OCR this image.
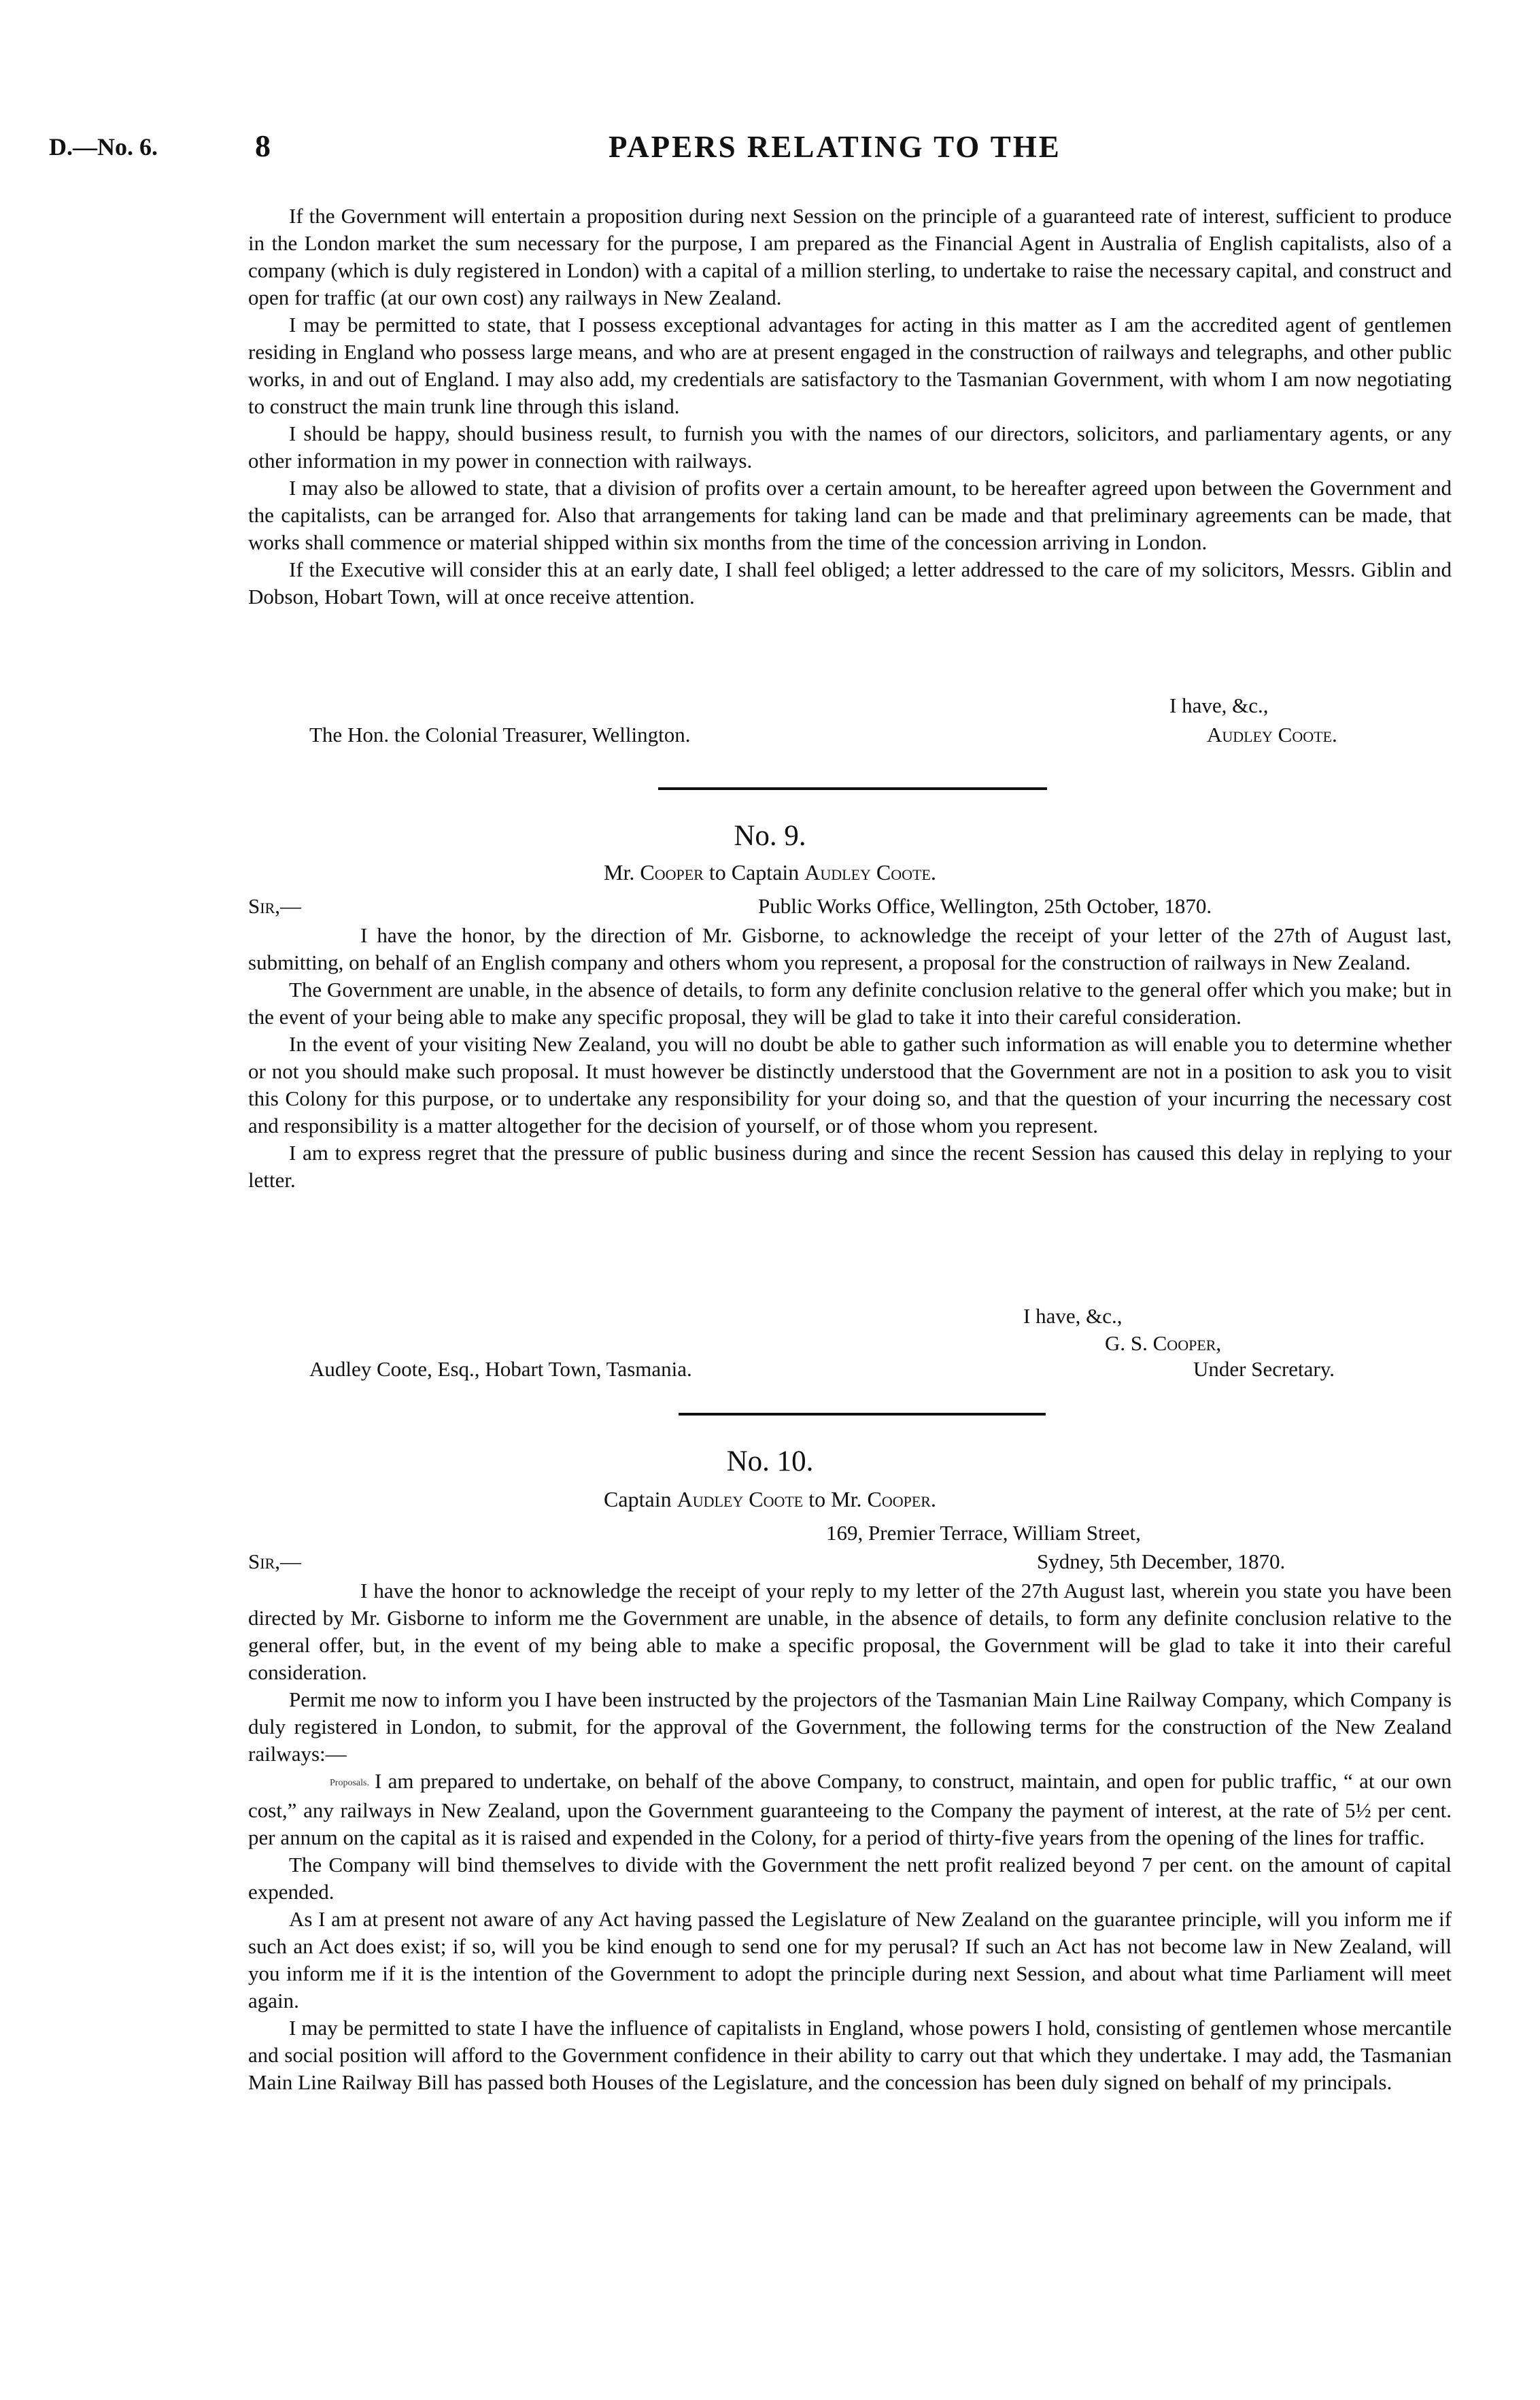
D.—No. 6.	8	PAPERS RELATING TO THE

If the Government will entertain a proposition during next Session on the principle of a guaranteed rate of interest, sufficient to produce in the London market the sum necessary for the purpose, I am prepared as the Financial Agent in Australia of English capitalists, also of a company (which is duly registered in London) with a capital of a million sterling, to undertake to raise the necessary capital, and construct and open for traffic (at our own cost) any railways in New Zealand.

I may be permitted to state, that I possess exceptional advantages for acting in this matter as I am the accredited agent of gentlemen residing in England who possess large means, and who are at present engaged in the construction of railways and telegraphs, and other public works, in and out of England. I may also add, my credentials are satisfactory to the Tasmanian Government, with whom I am now negotiating to construct the main trunk line through this island.

I should be happy, should business result, to furnish you with the names of our directors, solicitors, and parliamentary agents, or any other information in my power in connection with railways.

I may also be allowed to state, that a division of profits over a certain amount, to be hereafter agreed upon between the Government and the capitalists, can be arranged for. Also that arrangements for taking land can be made and that preliminary agreements can be made, that works shall commence or material shipped within six months from the time of the concession arriving in London.

If the Executive will consider this at an early date, I shall feel obliged; a letter addressed to the care of my solicitors, Messrs. Giblin and Dobson, Hobart Town, will at once receive attention.

I have, &c.,
The Hon. the Colonial Treasurer, Wellington.	Audley Coote.
No. 9.
Mr. Cooper to Captain Audley Coote.
Sir,—	Public Works Office, Wellington, 25th October, 1870.

I have the honor, by the direction of Mr. Gisborne, to acknowledge the receipt of your letter of the 27th of August last, submitting, on behalf of an English company and others whom you represent, a proposal for the construction of railways in New Zealand.

The Government are unable, in the absence of details, to form any definite conclusion relative to the general offer which you make; but in the event of your being able to make any specific proposal, they will be glad to take it into their careful consideration.

In the event of your visiting New Zealand, you will no doubt be able to gather such information as will enable you to determine whether or not you should make such proposal. It must however be distinctly understood that the Government are not in a position to ask you to visit this Colony for this purpose, or to undertake any responsibility for your doing so, and that the question of your incurring the necessary cost and responsibility is a matter altogether for the decision of yourself, or of those whom you represent.

I am to express regret that the pressure of public business during and since the recent Session has caused this delay in replying to your letter.

I have, &c.,
G. S. Cooper,
Audley Coote, Esq., Hobart Town, Tasmania.	Under Secretary.
No. 10.
Captain Audley Coote to Mr. Cooper.
169, Premier Terrace, William Street,
Sir,—	Sydney, 5th December, 1870.

I have the honor to acknowledge the receipt of your reply to my letter of the 27th August last, wherein you state you have been directed by Mr. Gisborne to inform me the Government are unable, in the absence of details, to form any definite conclusion relative to the general offer, but, in the event of my being able to make a specific proposal, the Government will be glad to take it into their careful consideration.

Permit me now to inform you I have been instructed by the projectors of the Tasmanian Main Line Railway Company, which Company is duly registered in London, to submit, for the approval of the Government, the following terms for the construction of the New Zealand railways:—

Proposals. I am prepared to undertake, on behalf of the above Company, to construct, maintain, and open for public traffic, “ at our own cost,” any railways in New Zealand, upon the Government guaranteeing to the Company the payment of interest, at the rate of 5½ per cent. per annum on the capital as it is raised and expended in the Colony, for a period of thirty-five years from the opening of the lines for traffic.

The Company will bind themselves to divide with the Government the nett profit realized beyond 7 per cent. on the amount of capital expended.

As I am at present not aware of any Act having passed the Legislature of New Zealand on the guarantee principle, will you inform me if such an Act does exist; if so, will you be kind enough to send one for my perusal? If such an Act has not become law in New Zealand, will you inform me if it is the intention of the Government to adopt the principle during next Session, and about what time Parliament will meet again.

I may be permitted to state I have the influence of capitalists in England, whose powers I hold, consisting of gentlemen whose mercantile and social position will afford to the Government confidence in their ability to carry out that which they undertake. I may add, the Tasmanian Main Line Railway Bill has passed both Houses of the Legislature, and the concession has been duly signed on behalf of my principals.
